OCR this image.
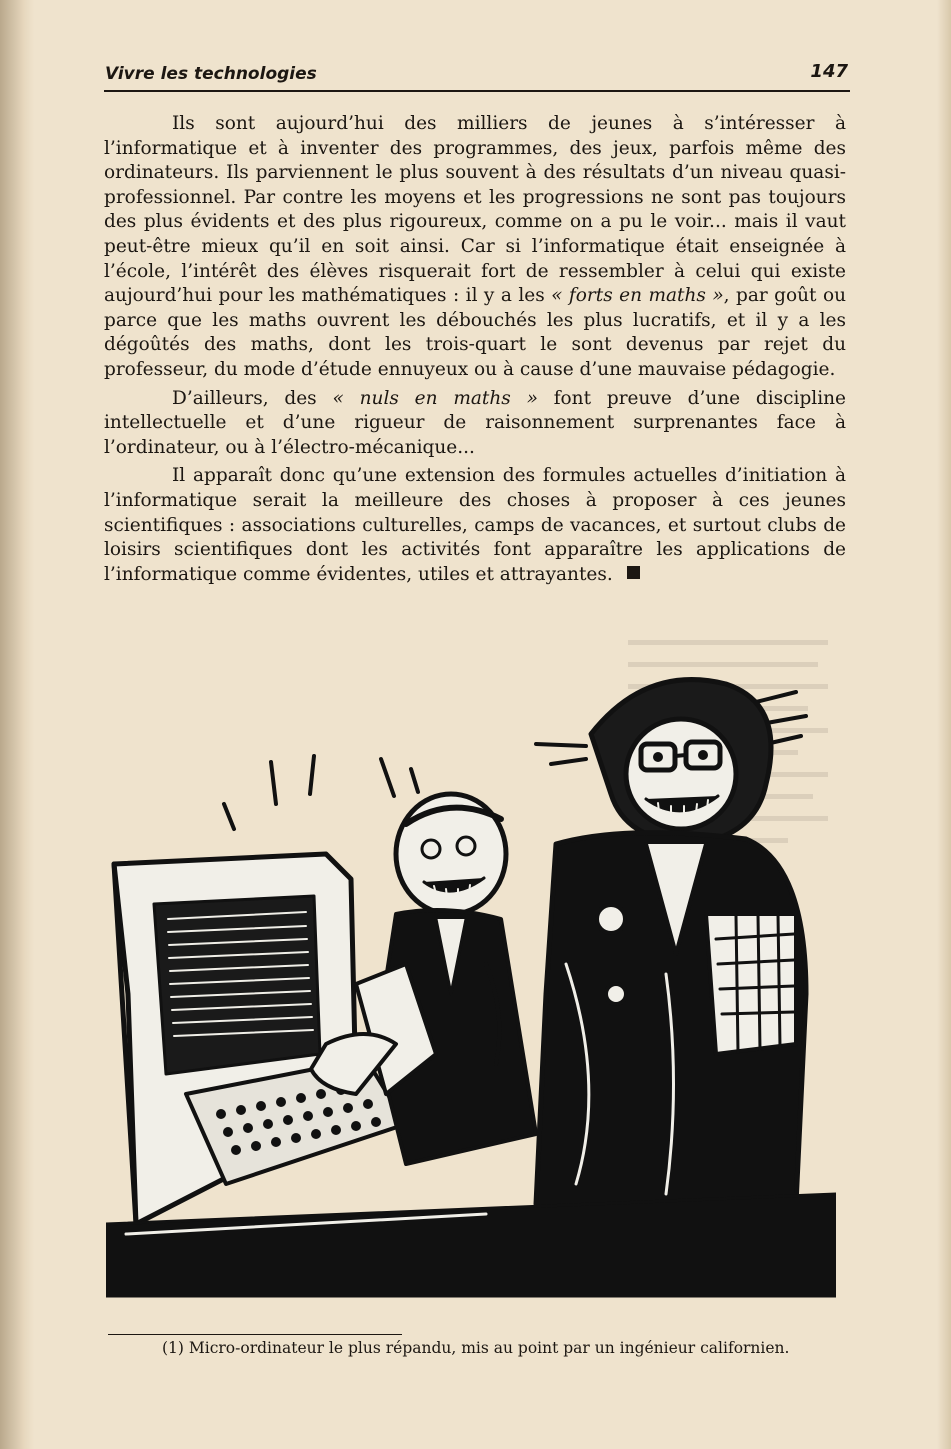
Vivre les technologies	147

Ils sont aujourd’hui des milliers de jeunes à s’intéresser à l’informatique et à inventer des programmes, des jeux, parfois même des ordinateurs. Ils parviennent le plus souvent à des résultats d’un niveau quasi-professionnel. Par contre les moyens et les progressions ne sont pas toujours des plus évidents et des plus rigoureux, comme on a pu le voir... mais il vaut peut-être mieux qu’il en soit ainsi. Car si l’informatique était enseignée à l’école, l’intérêt des élèves risquerait fort de ressembler à celui qui existe aujourd’hui pour les mathématiques : il y a les « forts en maths », par goût ou parce que les maths ouvrent les débouchés les plus lucratifs, et il y a les dégoûtés des maths, dont les trois-quart le sont devenus par rejet du professeur, du mode d’étude ennuyeux ou à cause d’une mauvaise pédagogie.

D’ailleurs, des « nuls en maths » font preuve d’une discipline intellectuelle et d’une rigueur de raisonnement surprenantes face à l’ordinateur, ou à l’électro-mécanique...

Il apparaît donc qu’une extension des formules actuelles d’initiation à l’informatique serait la meilleure des choses à proposer à ces jeunes scientifiques : associations culturelles, camps de vacances, et surtout clubs de loisirs scientifiques dont les activités font apparaître les applications de l’informatique comme évidentes, utiles et attrayantes.

(1) Micro-ordinateur le plus répandu, mis au point par un ingénieur californien.
